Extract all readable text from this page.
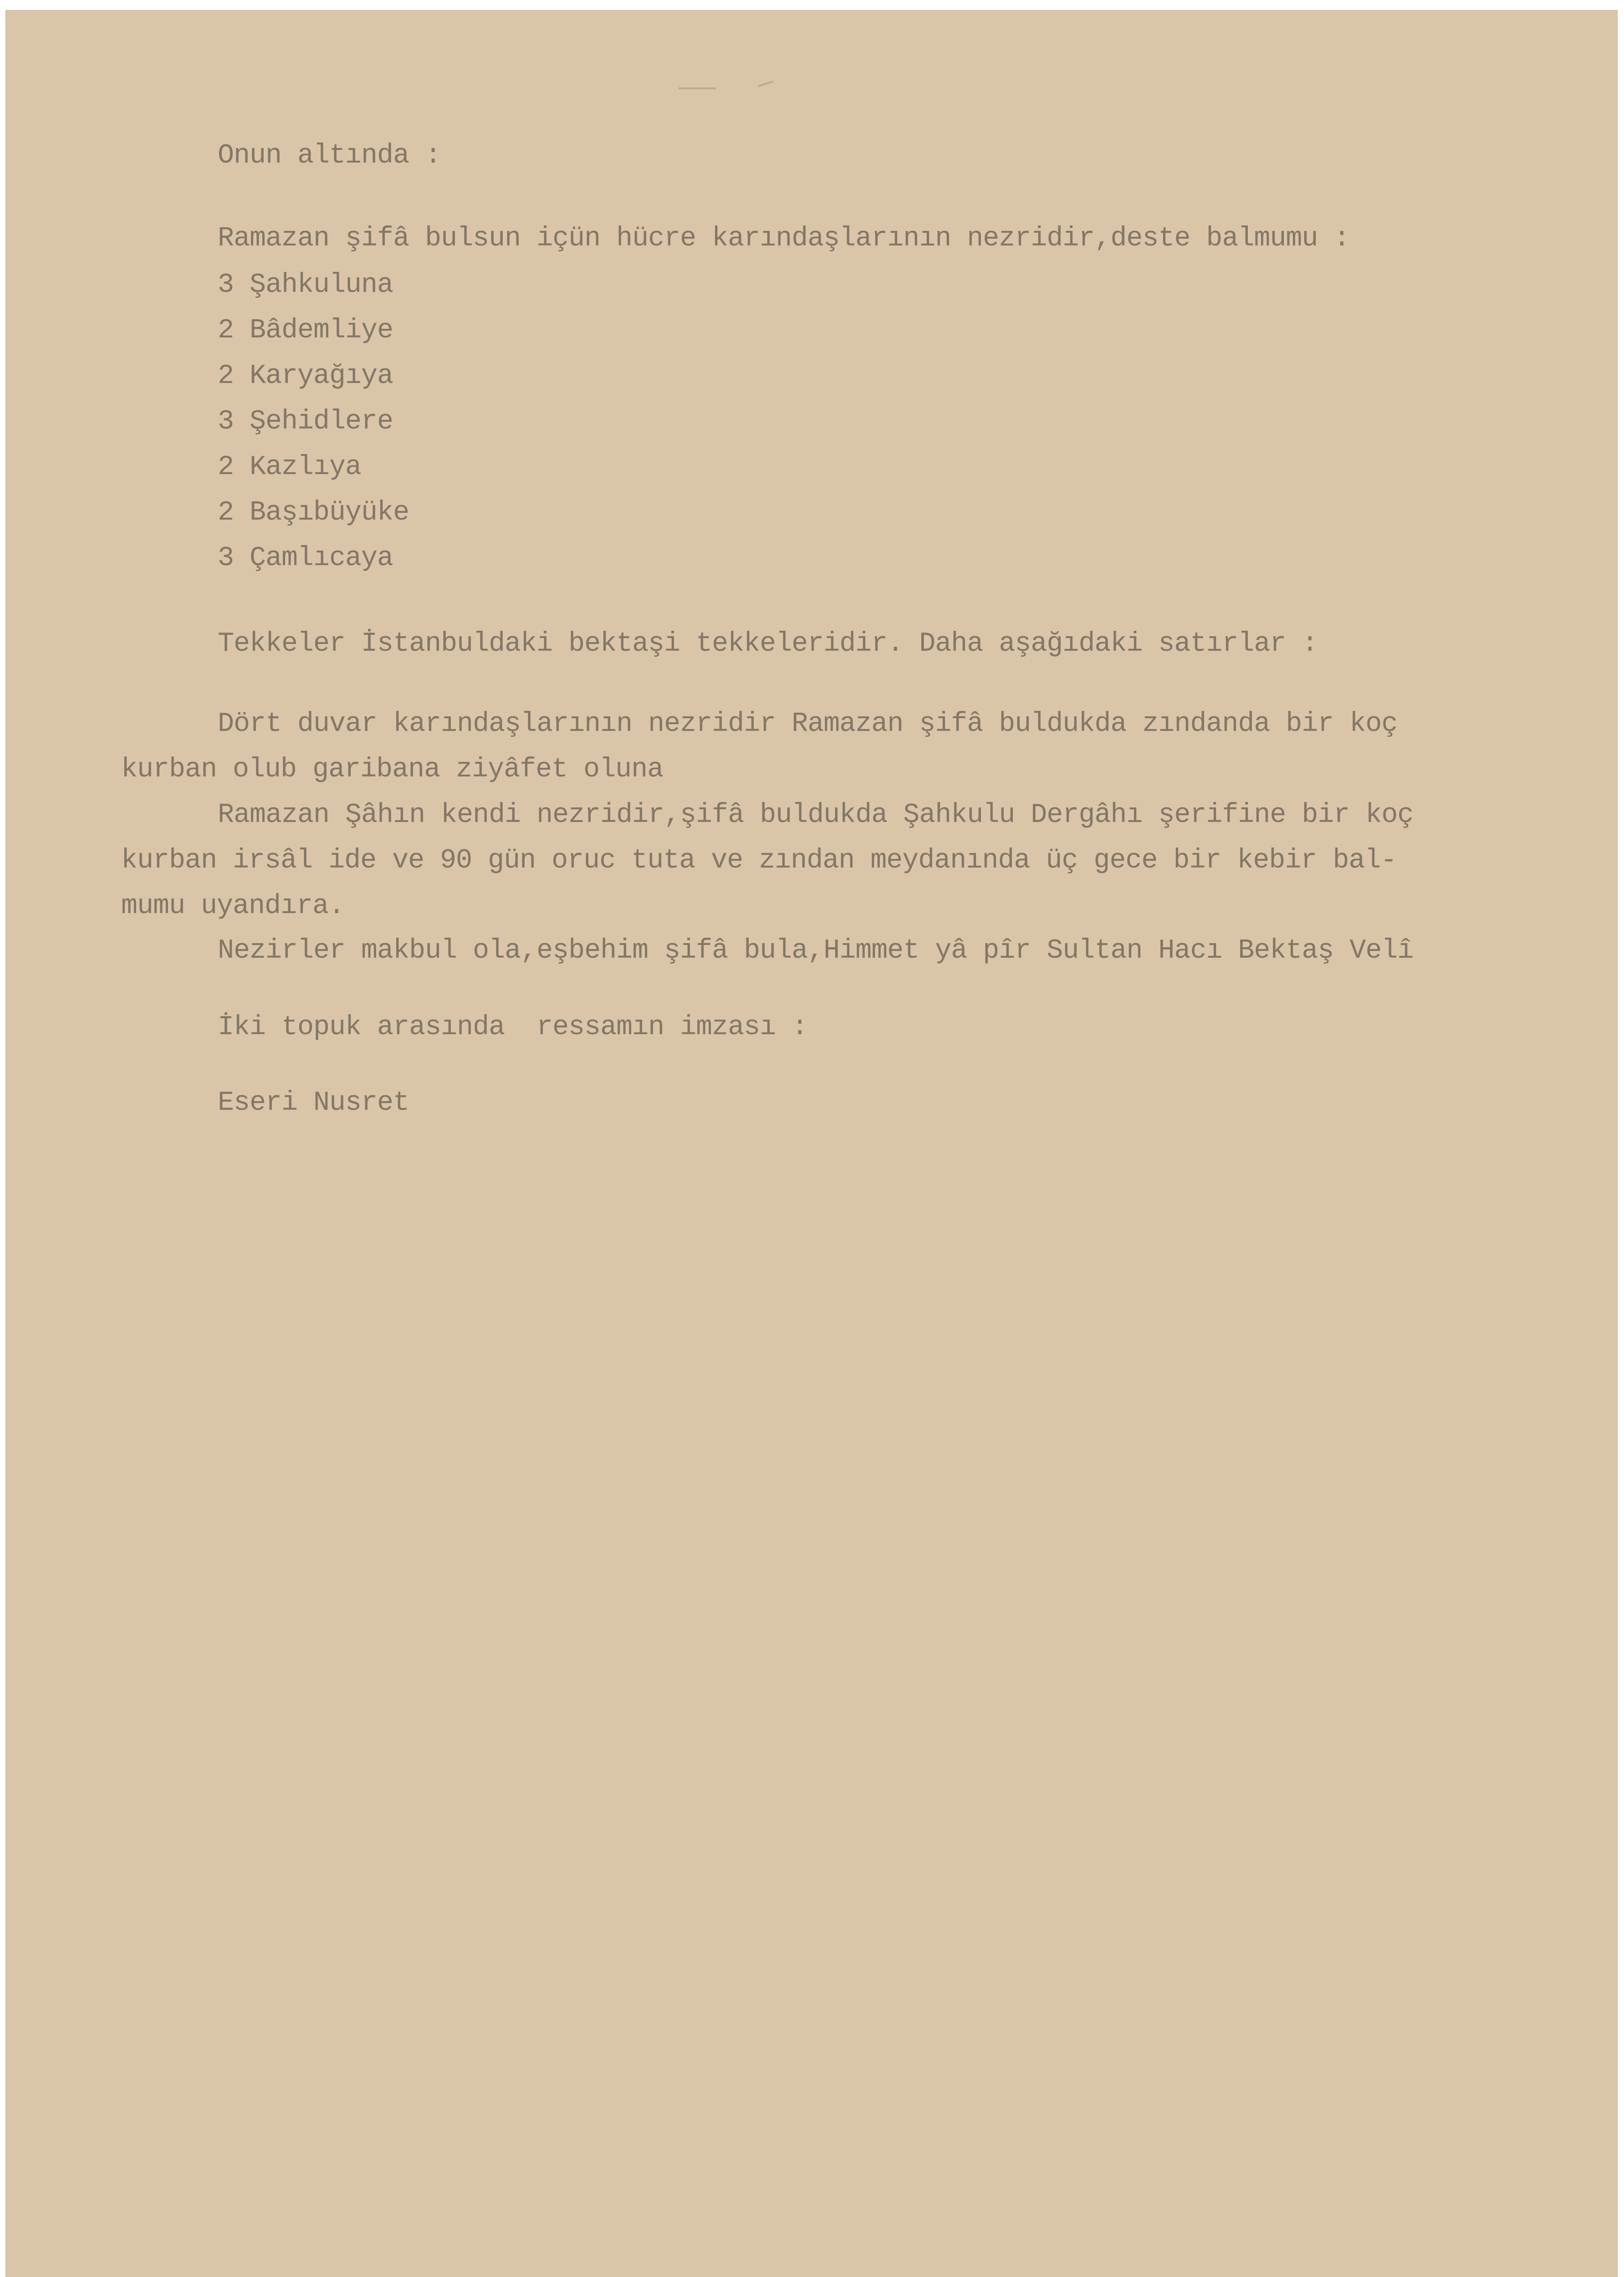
Onun altında :
Ramazan şifâ bulsun içün hücre karındaşlarının nezridir,deste balmumu :
3 Şahkuluna
2 Bâdemliye
2 Karyağıya
3 Şehidlere
2 Kazlıya
2 Başıbüyüke
3 Çamlıcaya
Tekkeler İstanbuldaki bektaşi tekkeleridir. Daha aşağıdaki satırlar :
Dört duvar karındaşlarının nezridir Ramazan şifâ buldukda zındanda bir koç
kurban olub garibana ziyâfet oluna
Ramazan Şâhın kendi nezridir,şifâ buldukda Şahkulu Dergâhı şerifine bir koç
kurban irsâl ide ve 90 gün oruc tuta ve zından meydanında üç gece bir kebir bal-
mumu uyandıra.
Nezirler makbul ola,eşbehim şifâ bula,Himmet yâ pîr Sultan Hacı Bektaş Velî
İki topuk arasında  ressamın imzası :
Eseri Nusret
